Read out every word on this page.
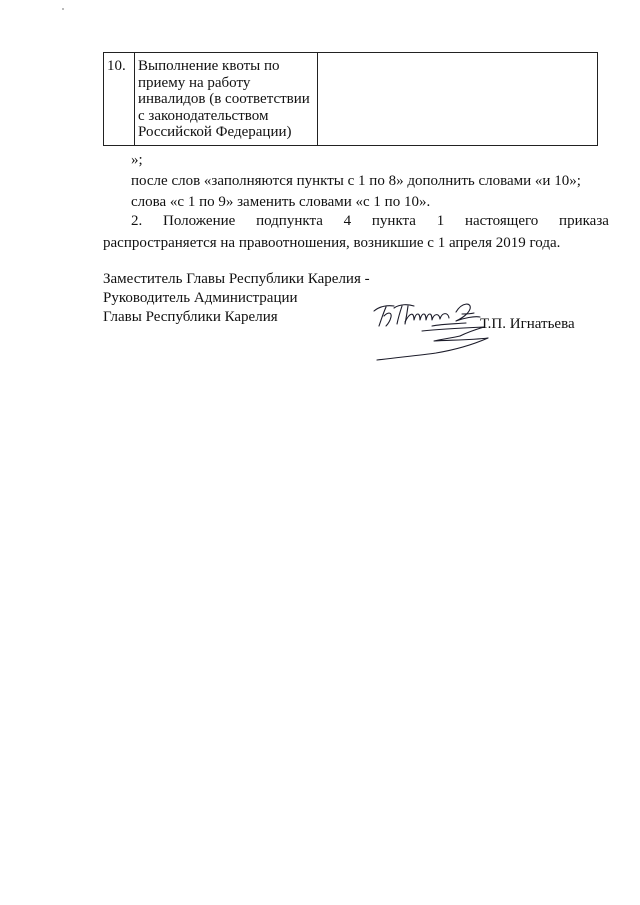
10.	Выполнение квоты по
приему на работу
инвалидов (в соответствии
с законодательством
Российской Федерации)

»;
после слов «заполняются пункты с 1 по 8» дополнить словами «и 10»;
слова «с 1 по 9» заменить словами «с 1 по 10».
2. Положение подпункта 4 пункта 1 настоящего приказа
распространяется на правоотношения, возникшие с 1 апреля 2019 года.
Заместитель Главы Республики Карелия -
Руководитель Администрации
Главы Республики Карелия	Т.П. Игнатьева
